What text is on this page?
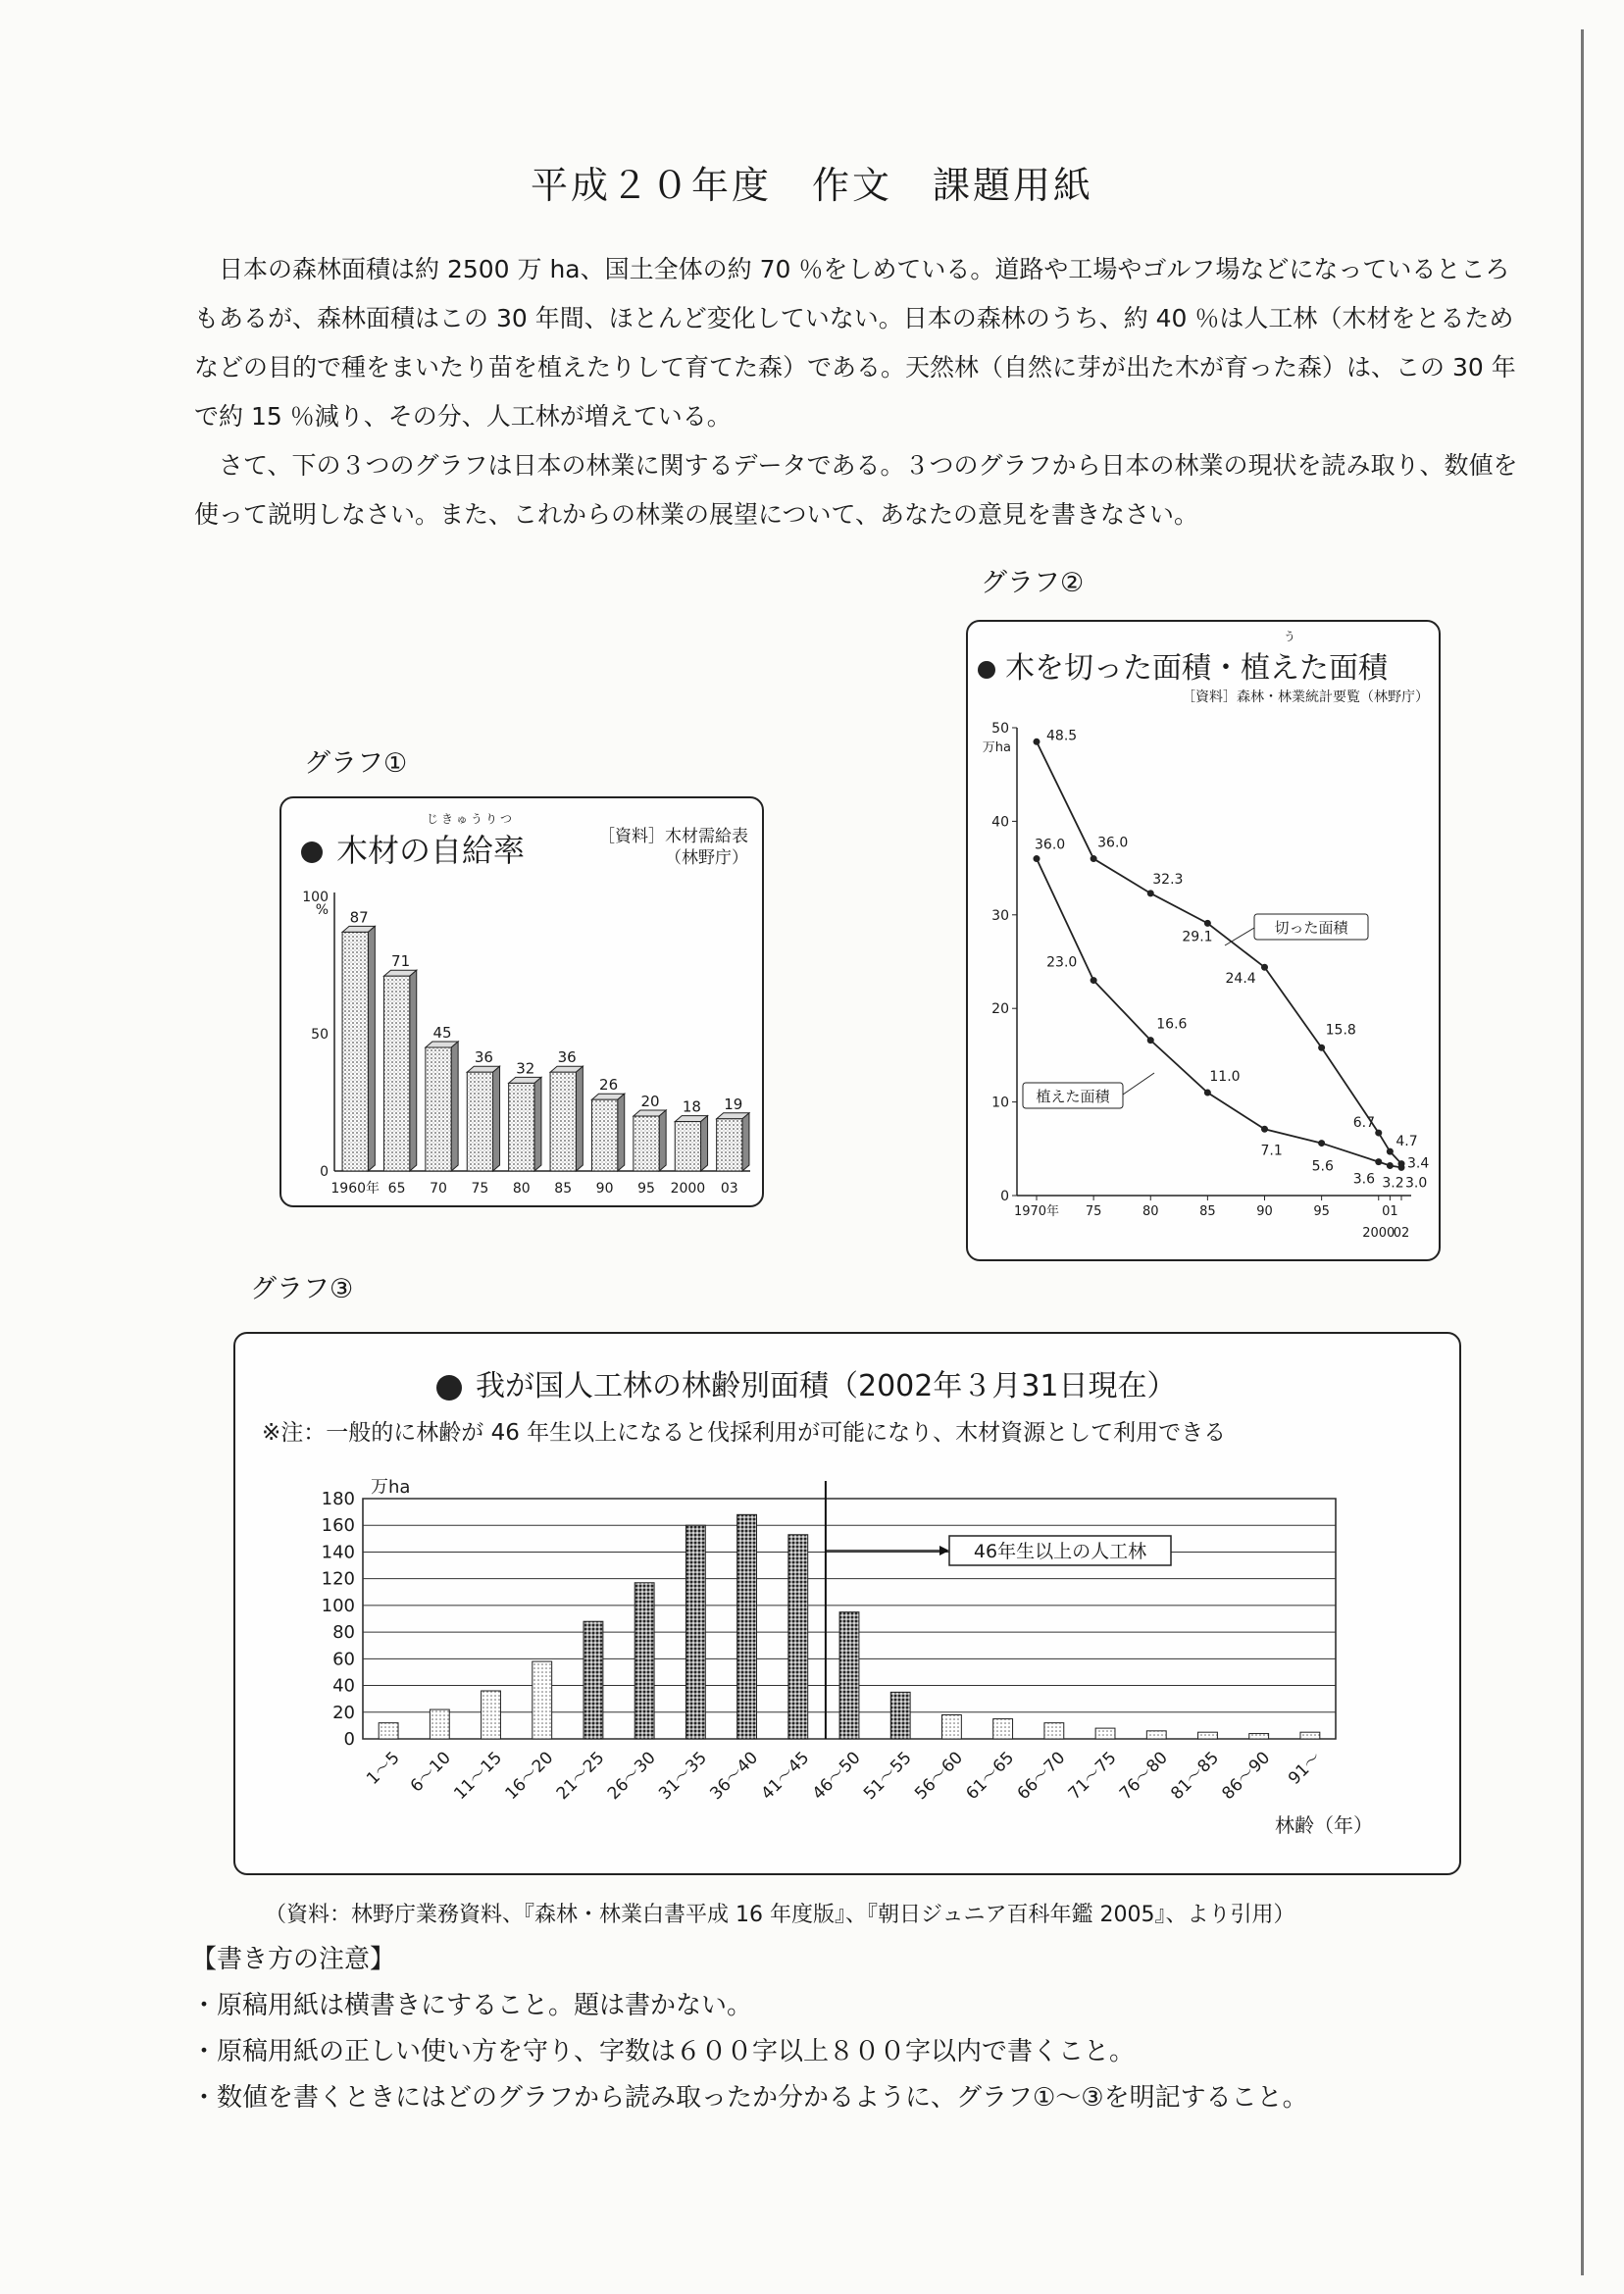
平成２０年度　作文　課題用紙

日本の森林面積は約 2500 万 ha、国土全体の約 70 ％をしめている。道路や工場やゴルフ場などになっているところもあるが、森林面積はこの 30 年間、ほとんど変化していない。日本の森林のうち、約 40 ％は人工林（木材をとるためなどの目的で種をまいたり苗を植えたりして育てた森）である。天然林（自然に芽が出た木が育った森）は、この 30 年で約 15 ％減り、その分、人工林が増えている。

さて、下の３つのグラフは日本の林業に関するデータである。３つのグラフから日本の林業の現状を読み取り、数値を使って説明しなさい。また、これからの林業の展望について、あなたの意見を書きなさい。

グラフ①
木材の自給率
じきゅうりつ
［資料］木材需給表
（林野庁）
0
50
100
% 87
1960年
71
65
45
70
36
75
32
80
36
85
26
90
20
95
18
2000
19
03
グラフ②
木を切った面積・植えた面積
う
［資料］森林・林業統計要覧（林野庁）
0
10
20
30
40
50
万ha
1970年 75	80	85	90	95
2000
01
02
48.5
36.0
32.3
29.1
24.4
15.8
6.7
4.7
3.4
36.0
23.0
16.6
11.0
7.1
5.6
3.6 3.2 3.0
切った面積
植えた面積
グラフ③
我が国人工林の林齢別面積（2002年３月31日現在）
※注：一般的に林齢が 46 年生以上になると伐採利用が可能になり、木材資源として利用できる
0
20
40
60
80
100
120
140
160
180
万ha
1～5 6～10
11～15
16～20
21～25
26～30
31～35
36～40
41～45
46～50
51～55
56～60
61～65
66～70
71～75
76～80
81～85
86～90 91～
46年生以上の人工林
林齢（年）
（資料：林野庁業務資料、『森林・林業白書平成 16 年度版』、『朝日ジュニア百科年鑑 2005』、より引用）
【書き方の注意】
・原稿用紙は横書きにすること。題は書かない。
・原稿用紙の正しい使い方を守り、字数は６００字以上８００字以内で書くこと。
・数値を書くときにはどのグラフから読み取ったか分かるように、グラフ①～③を明記すること。
